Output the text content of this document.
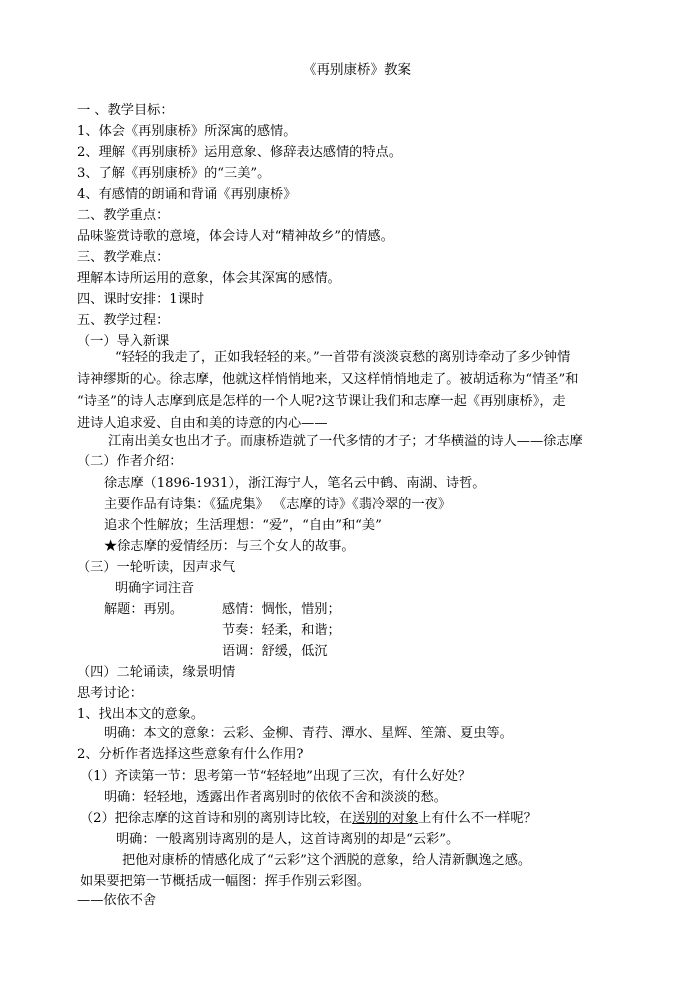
《再别康桥》教案
一 、教学目标：
1、体会《再别康桥》所深寓的感情。
2、理解《再别康桥》运用意象、修辞表达感情的特点。
3、了解《再别康桥》的“三美”。
4、有感情的朗诵和背诵《再别康桥》
二、教学重点：
品味鉴赏诗歌的意境，体会诗人对“精神故乡”的情感。
三、教学难点：
理解本诗所运用的意象，体会其深寓的感情。
四、课时安排：1课时
五、教学过程：
（一）导入新课
“轻轻的我走了，正如我轻轻的来。”一首带有淡淡哀愁的离别诗牵动了多少钟情
诗神缪斯的心。徐志摩，他就这样悄悄地来，又这样悄悄地走了。被胡适称为“情圣”和
“诗圣”的诗人志摩到底是怎样的一个人呢?这节课让我们和志摩一起《再别康桥》，走
进诗人追求爱、自由和美的诗意的内心——
江南出美女也出才子。而康桥造就了一代多情的才子；才华横溢的诗人——徐志摩
（二）作者介绍：
徐志摩（1896-1931），浙江海宁人，笔名云中鹤、南湖、诗哲。
主要作品有诗集：《猛虎集》 《志摩的诗》《翡冷翠的一夜》
追求个性解放；生活理想：“爱”，“自由”和“美”
★徐志摩的爱情经历：与三个女人的故事。
（三）一轮听读，因声求气
明确字词注音
解题：再别。	感情：惆怅，惜别；
节奏：轻柔，和谐；
语调：舒缓，低沉
（四）二轮诵读，缘景明情
思考讨论：
1、找出本文的意象。
明确：本文的意象：云彩、金柳、青荇、潭水、星辉、笙箫、夏虫等。
2、分析作者选择这些意象有什么作用?
（1）齐读第一节：思考第一节“轻轻地”出现了三次，有什么好处？
明确：轻轻地，透露出作者离别时的依依不舍和淡淡的愁。
（2）把徐志摩的这首诗和别的离别诗比较，在送别的对象上有什么不一样呢？
明确：一般离别诗离别的是人，这首诗离别的却是“云彩”。
把他对康桥的情感化成了“云彩”这个洒脱的意象，给人清新飘逸之感。
如果要把第一节概括成一幅图：挥手作别云彩图。
——依依不舍
